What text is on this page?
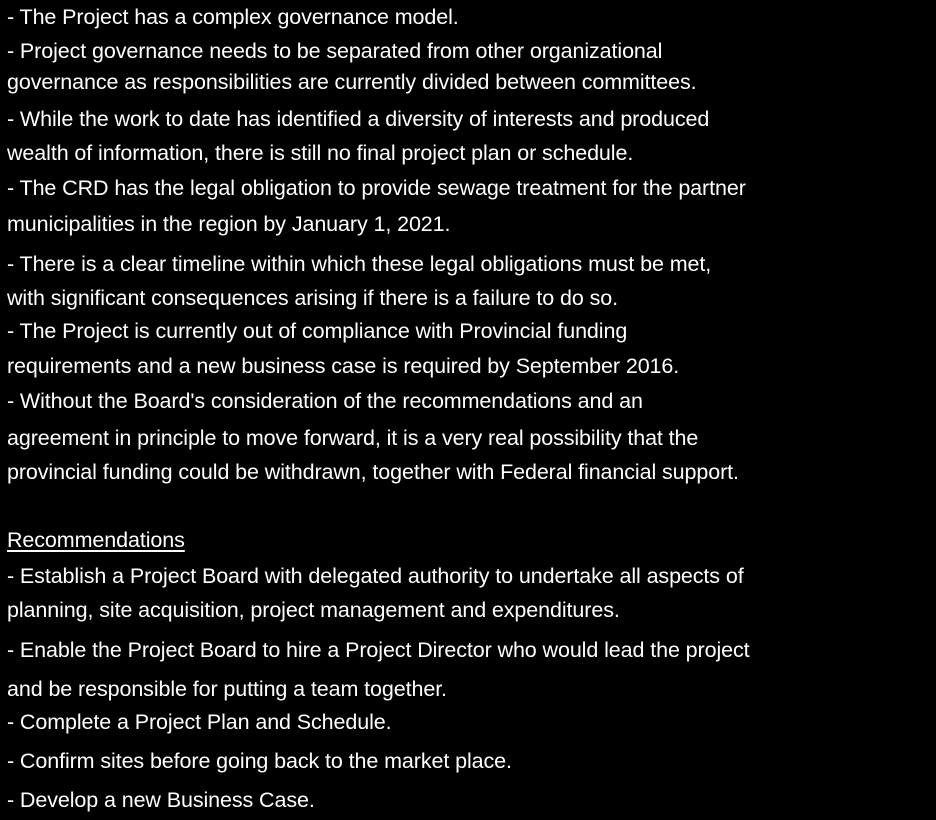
- The Project has a complex governance model.
- Project governance needs to be separated from other organizational
governance as responsibilities are currently divided between committees.
- While the work to date has identified a diversity of interests and produced
wealth of information, there is still no final project plan or schedule.
- The CRD has the legal obligation to provide sewage treatment for the partner
municipalities in the region by January 1, 2021.
- There is a clear timeline within which these legal obligations must be met,
with significant consequences arising if there is a failure to do so.
- The Project is currently out of compliance with Provincial funding
requirements and a new business case is required by September 2016.
- Without the Board's consideration of the recommendations and an
agreement in principle to move forward, it is a very real possibility that the
provincial funding could be withdrawn, together with Federal financial support.
Recommendations
- Establish a Project Board with delegated authority to undertake all aspects of
planning, site acquisition, project management and expenditures.
- Enable the Project Board to hire a Project Director who would lead the project
and be responsible for putting a team together.
- Complete a Project Plan and Schedule.
- Confirm sites before going back to the market place.
- Develop a new Business Case.
